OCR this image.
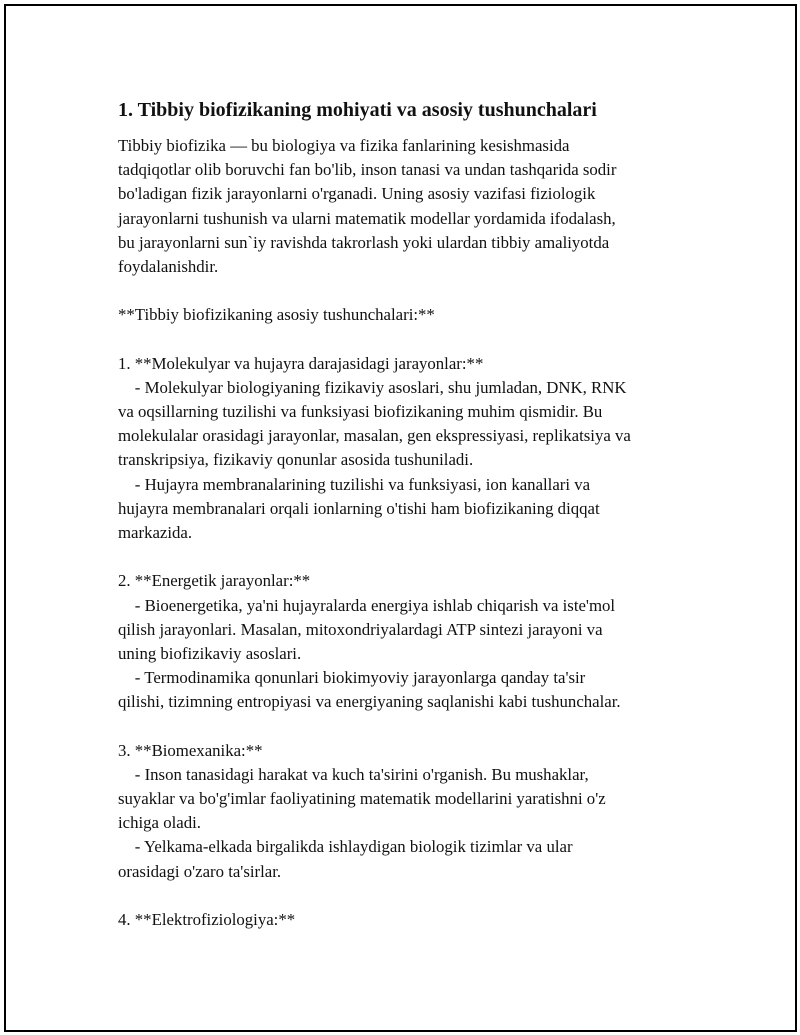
1. Tibbiy biofizikaning mohiyati va asosiy tushunchalari
Tibbiy biofizika — bu biologiya va fizika fanlarining kesishmasida
tadqiqotlar olib boruvchi fan bo'lib, inson tanasi va undan tashqarida sodir
bo'ladigan fizik jarayonlarni o'rganadi. Uning asosiy vazifasi fiziologik
jarayonlarni tushunish va ularni matematik modellar yordamida ifodalash,
bu jarayonlarni sun`iy ravishda takrorlash yoki ulardan tibbiy amaliyotda
foydalanishdir.
**Tibbiy biofizikaning asosiy tushunchalari:**
1. **Molekulyar va hujayra darajasidagi jarayonlar:**
- Molekulyar biologiyaning fizikaviy asoslari, shu jumladan, DNK, RNK
va oqsillarning tuzilishi va funksiyasi biofizikaning muhim qismidir. Bu
molekulalar orasidagi jarayonlar, masalan, gen ekspressiyasi, replikatsiya va
transkripsiya, fizikaviy qonunlar asosida tushuniladi.
- Hujayra membranalarining tuzilishi va funksiyasi, ion kanallari va
hujayra membranalari orqali ionlarning o'tishi ham biofizikaning diqqat
markazida.
2. **Energetik jarayonlar:**
- Bioenergetika, ya'ni hujayralarda energiya ishlab chiqarish va iste'mol
qilish jarayonlari. Masalan, mitoxondriyalardagi ATP sintezi jarayoni va
uning biofizikaviy asoslari.
- Termodinamika qonunlari biokimyoviy jarayonlarga qanday ta'sir
qilishi, tizimning entropiyasi va energiyaning saqlanishi kabi tushunchalar.
3. **Biomexanika:**
- Inson tanasidagi harakat va kuch ta'sirini o'rganish. Bu mushaklar,
suyaklar va bo'g'imlar faoliyatining matematik modellarini yaratishni o'z
ichiga oladi.
- Yelkama-elkada birgalikda ishlaydigan biologik tizimlar va ular
orasidagi o'zaro ta'sirlar.
4. **Elektrofiziologiya:**
